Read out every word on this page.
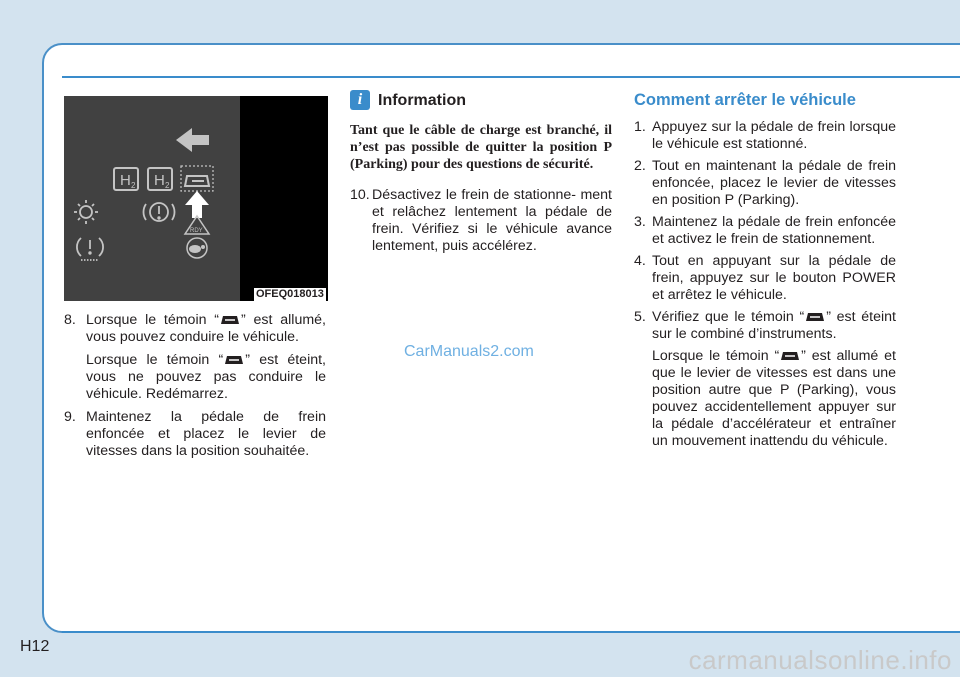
H 2 H 2
RDY
OFEQ018013
8. Lorsque le témoin “ ” est allumé, vous pouvez conduire le véhicule.
Lorsque le témoin “ ” est éteint, vous ne pouvez pas conduire le véhicule. Redémarrez.
9. Maintenez la pédale de frein enfoncée et placez le levier de vitesses dans la position souhaitée.
i Information
Tant que le câble de charge est branché, il n’est pas possible de quitter la position P (Parking) pour des questions de sécurité.
10. Désactivez le frein de stationne- ment et relâchez lentement la pédale de frein. Vérifiez si le véhicule avance lentement, puis accélérez.
CarManuals2.com
Comment arrêter le véhicule
1. Appuyez sur la pédale de frein lorsque le véhicule est stationné.
2. Tout en maintenant la pédale de frein enfoncée, placez le levier de vitesses en position P (Parking).
3. Maintenez la pédale de frein enfoncée et activez le frein de stationnement.
4. Tout en appuyant sur la pédale de frein, appuyez sur le bouton POWER et arrêtez le véhicule.
5. Vérifiez que le témoin “ ” est éteint sur le combiné d’instruments.
Lorsque le témoin “ ” est allumé et que le levier de vitesses est dans une position autre que P (Parking), vous pouvez accidentellement appuyer sur la pédale d’accélérateur et entraîner un mouvement inattendu du véhicule.
H12	carmanualsonline.info
